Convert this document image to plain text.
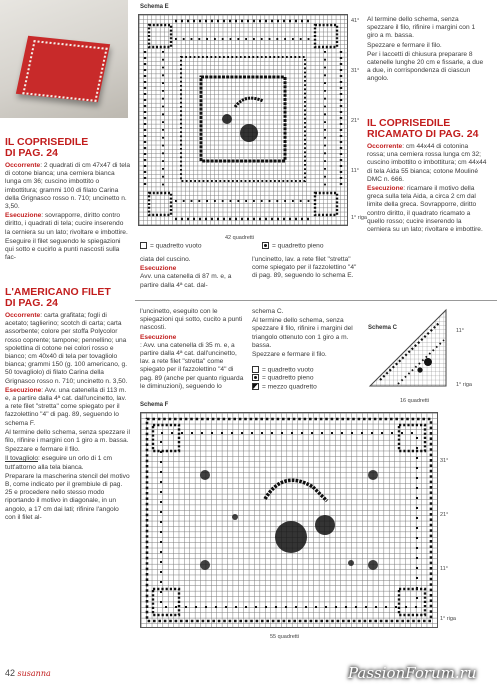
IL COPRISEDILE
DI PAG. 24

Occorrente: 2 quadrati di cm 47x47 di tela di cotone bianca; una cerniera bianca lunga cm 36; cuscino imbottito o imbottitura; grammi 100 di filato Carina della Grignasco rosso n. 710; uncinetto n. 3,50.

Esecuzione: sovrapporre, diritto contro diritto, i quadrati di tela; cucire inserendo la cerniera su un lato; rivoltare e imbottire.

Eseguire il filet seguendo le spiegazioni qui sotto e cucirlo a punti nascosti sulla fac-

Schema E
41°
31°
21°
11°
1° riga
42 quadretti
= quadretto vuoto	= quadretto pieno

ciata del cuscino.

Esecuzione
Avv. una catenella di 87 m. e, a partire dalla 4ª cat. dal-

l'uncinetto, lav. a rete filet "stretta" come spiegato per il fazzolettino "4" di pag. 89, seguendo lo schema E.

Al termine dello schema, senza spezzare il filo, rifinire i margini con 1 giro a m. bassa.

Spezzare e fermare il filo.

Per i laccetti di chiusura preparare 8 catenelle lunghe 20 cm e fissarle, a due a due, in corrispondenza di ciascun angolo.

IL COPRISEDILE
RICAMATO DI PAG. 24

Occorrente: cm 44x44 di cotonina rossa; una cerniera rossa lunga cm 32; cuscino imbottito o imbottitura; cm 44x44 di tela Aida 55 bianca; cotone Mouliné DMC n. 666.

Esecuzione: ricamare il motivo della greca sulla tela Aida, a circa 2 cm dal limite della greca. Sovrapporre, diritto contro diritto, il quadrato ricamato a quello rosso; cucire inserendo la cerniera su un lato; rivoltare e imbottire.

L'AMERICANO FILET
DI PAG. 24

Occorrente: carta grafitata; fogli di acetato; taglierino; scotch di carta; carta assorbente; colore per stoffa Polycolor rosso coprente; tampone; pennellino; una spolettina di cotone nei colori rosso e bianco; cm 40x40 di tela per tovagliolo bianca; grammi 150 (g. 100 americano, g. 50 tovagliolo) di filato Carina della Grignasco rosso n. 710; uncinetto n. 3,50.

Esecuzione: Avv. una catenella di 113 m. e, a partire dalla 4ª cat. dall'uncinetto, lav. a rete filet "stretta" come spiegato per il fazzolettino "4" di pag. 89, seguendo lo schema F.

Al termine dello schema, senza spezzare il filo, rifinire i margini con 1 giro a m. bassa.

Spezzare e fermare il filo.

Il tovagliolo: eseguire un orlo di 1 cm tutt'attorno alla tela bianca.

Preparare la mascherina stencil del motivo B, come indicato per il grembiule di pag. 25 e procedere nello stesso modo riportando il motivo in diagonale, in un angolo, a 17 cm dai lati; rifinire l'angolo con il filet al-

l'uncinetto, eseguito con le spiegazioni qui sotto, cucito a punti nascosti.

Esecuzione
: Avv. una catenella di 35 m. e, a partire dalla 4ª cat. dall'uncinetto, lav. a rete filet "stretta" come spiegato per il fazzolettino "4" di pag. 89 (anche per quanto riguarda le diminuzioni), seguendo lo

schema C.

Al termine dello schema, senza spezzare il filo, rifinire i margini del triangolo ottenuto con 1 giro a m. bassa.

Spezzare e fermare il filo.

= quadretto vuoto
= quadretto pieno
= mezzo quadretto
Schema C	11°
1° riga
16 quadretti
Schema F
31°
21°
11°
1° riga
55 quadretti
42 susanna	PassionForum.ru
